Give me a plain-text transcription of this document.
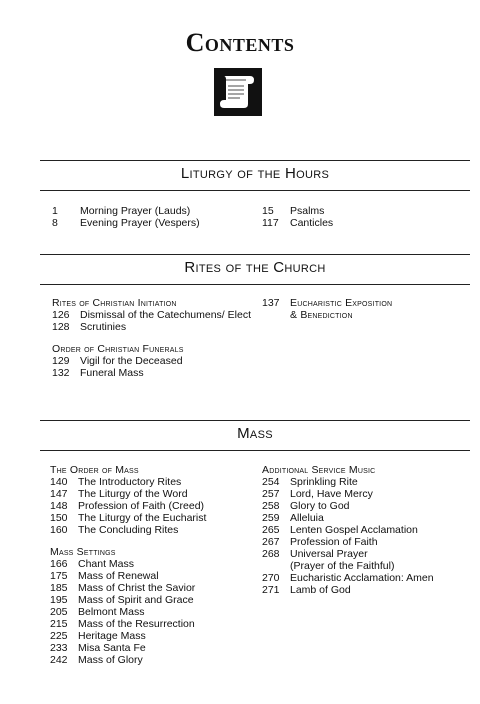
Contents
Liturgy of the Hours
1	Morning Prayer (Lauds)
8	Evening Prayer (Vespers)
15	Psalms
117	Canticles
Rites of the Church
Rites of Christian Initiation
126 Dismissal of the Catechumens/ Elect
128 Scrutinies
Order of Christian Funerals
129 Vigil for the Deceased
132 Funeral Mass
137 Eucharistic Exposition
& Benediction
Mass
The Order of Mass
140 The Introductory Rites
147 The Liturgy of the Word
148 Profession of Faith (Creed)
150 The Liturgy of the Eucharist
160 The Concluding Rites
Mass Settings
166 Chant Mass
175 Mass of Renewal
185 Mass of Christ the Savior
195 Mass of Spirit and Grace
205 Belmont Mass
215 Mass of the Resurrection
225 Heritage Mass
233 Misa Santa Fe
242 Mass of Glory
Additional Service Music
254 Sprinkling Rite
257 Lord, Have Mercy
258 Glory to God
259 Alleluia
265 Lenten Gospel Acclamation
267 Profession of Faith
268 Universal Prayer
(Prayer of the Faithful)
270 Eucharistic Acclamation: Amen
271 Lamb of God
